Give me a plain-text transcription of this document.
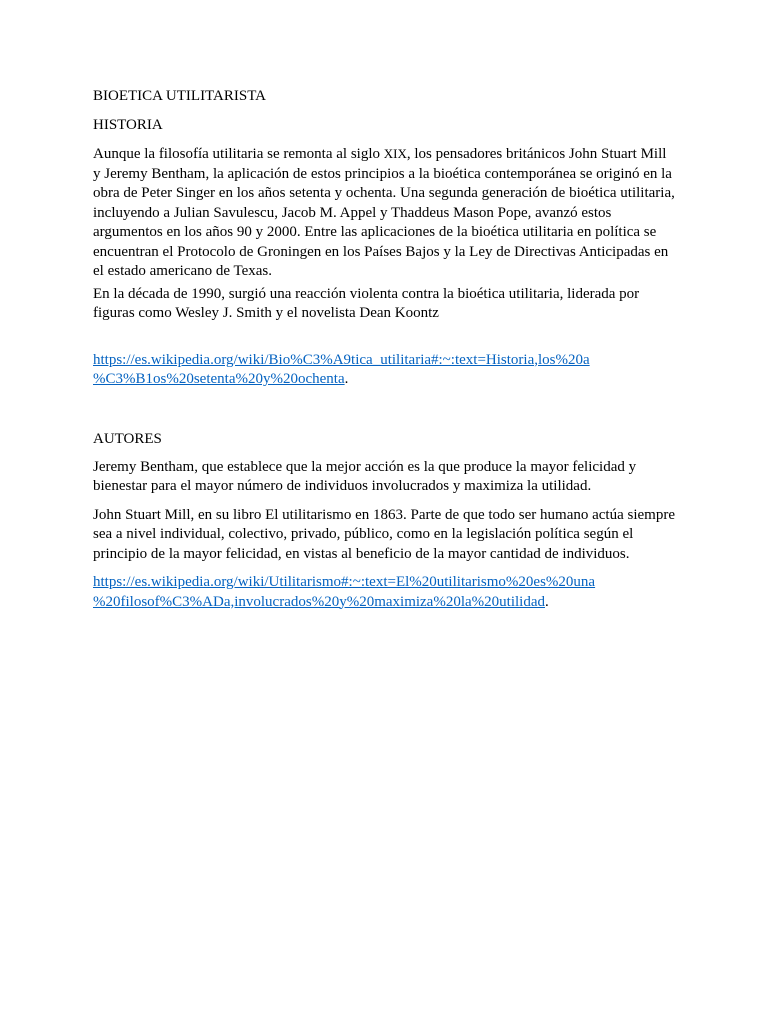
BIOETICA UTILITARISTA

HISTORIA

Aunque la filosofía utilitaria se remonta al siglo XIX, los pensadores británicos John Stuart Mill y Jeremy Bentham, la aplicación de estos principios a la bioética contemporánea se originó en la obra de Peter Singer en los años setenta y ochenta. Una segunda generación de bioética utilitaria, incluyendo a Julian Savulescu, Jacob M. Appel y Thaddeus Mason Pope, avanzó estos argumentos en los años 90 y 2000. Entre las aplicaciones de la bioética utilitaria en política se encuentran el Protocolo de Groningen en los Países Bajos y la Ley de Directivas Anticipadas en el estado americano de Texas.

En la década de 1990, surgió una reacción violenta contra la bioética utilitaria, liderada por figuras como Wesley J. Smith y el novelista Dean Koontz

https://es.wikipedia.org/wiki/Bio%C3%A9tica_utilitaria#:~:text=Historia,los%20a
%C3%B1os%20setenta%20y%20ochenta.

AUTORES

Jeremy Bentham, que establece que la mejor acción es la que produce la mayor felicidad y bienestar para el mayor número de individuos involucrados y maximiza la utilidad.

John Stuart Mill, en su libro El utilitarismo en 1863. Parte de que todo ser humano actúa siempre sea a nivel individual, colectivo, privado, público, como en la legislación política según el principio de la mayor felicidad, en vistas al beneficio de la mayor cantidad de individuos.

https://es.wikipedia.org/wiki/Utilitarismo#:~:text=El%20utilitarismo%20es%20una
%20filosof%C3%ADa,involucrados%20y%20maximiza%20la%20utilidad.
